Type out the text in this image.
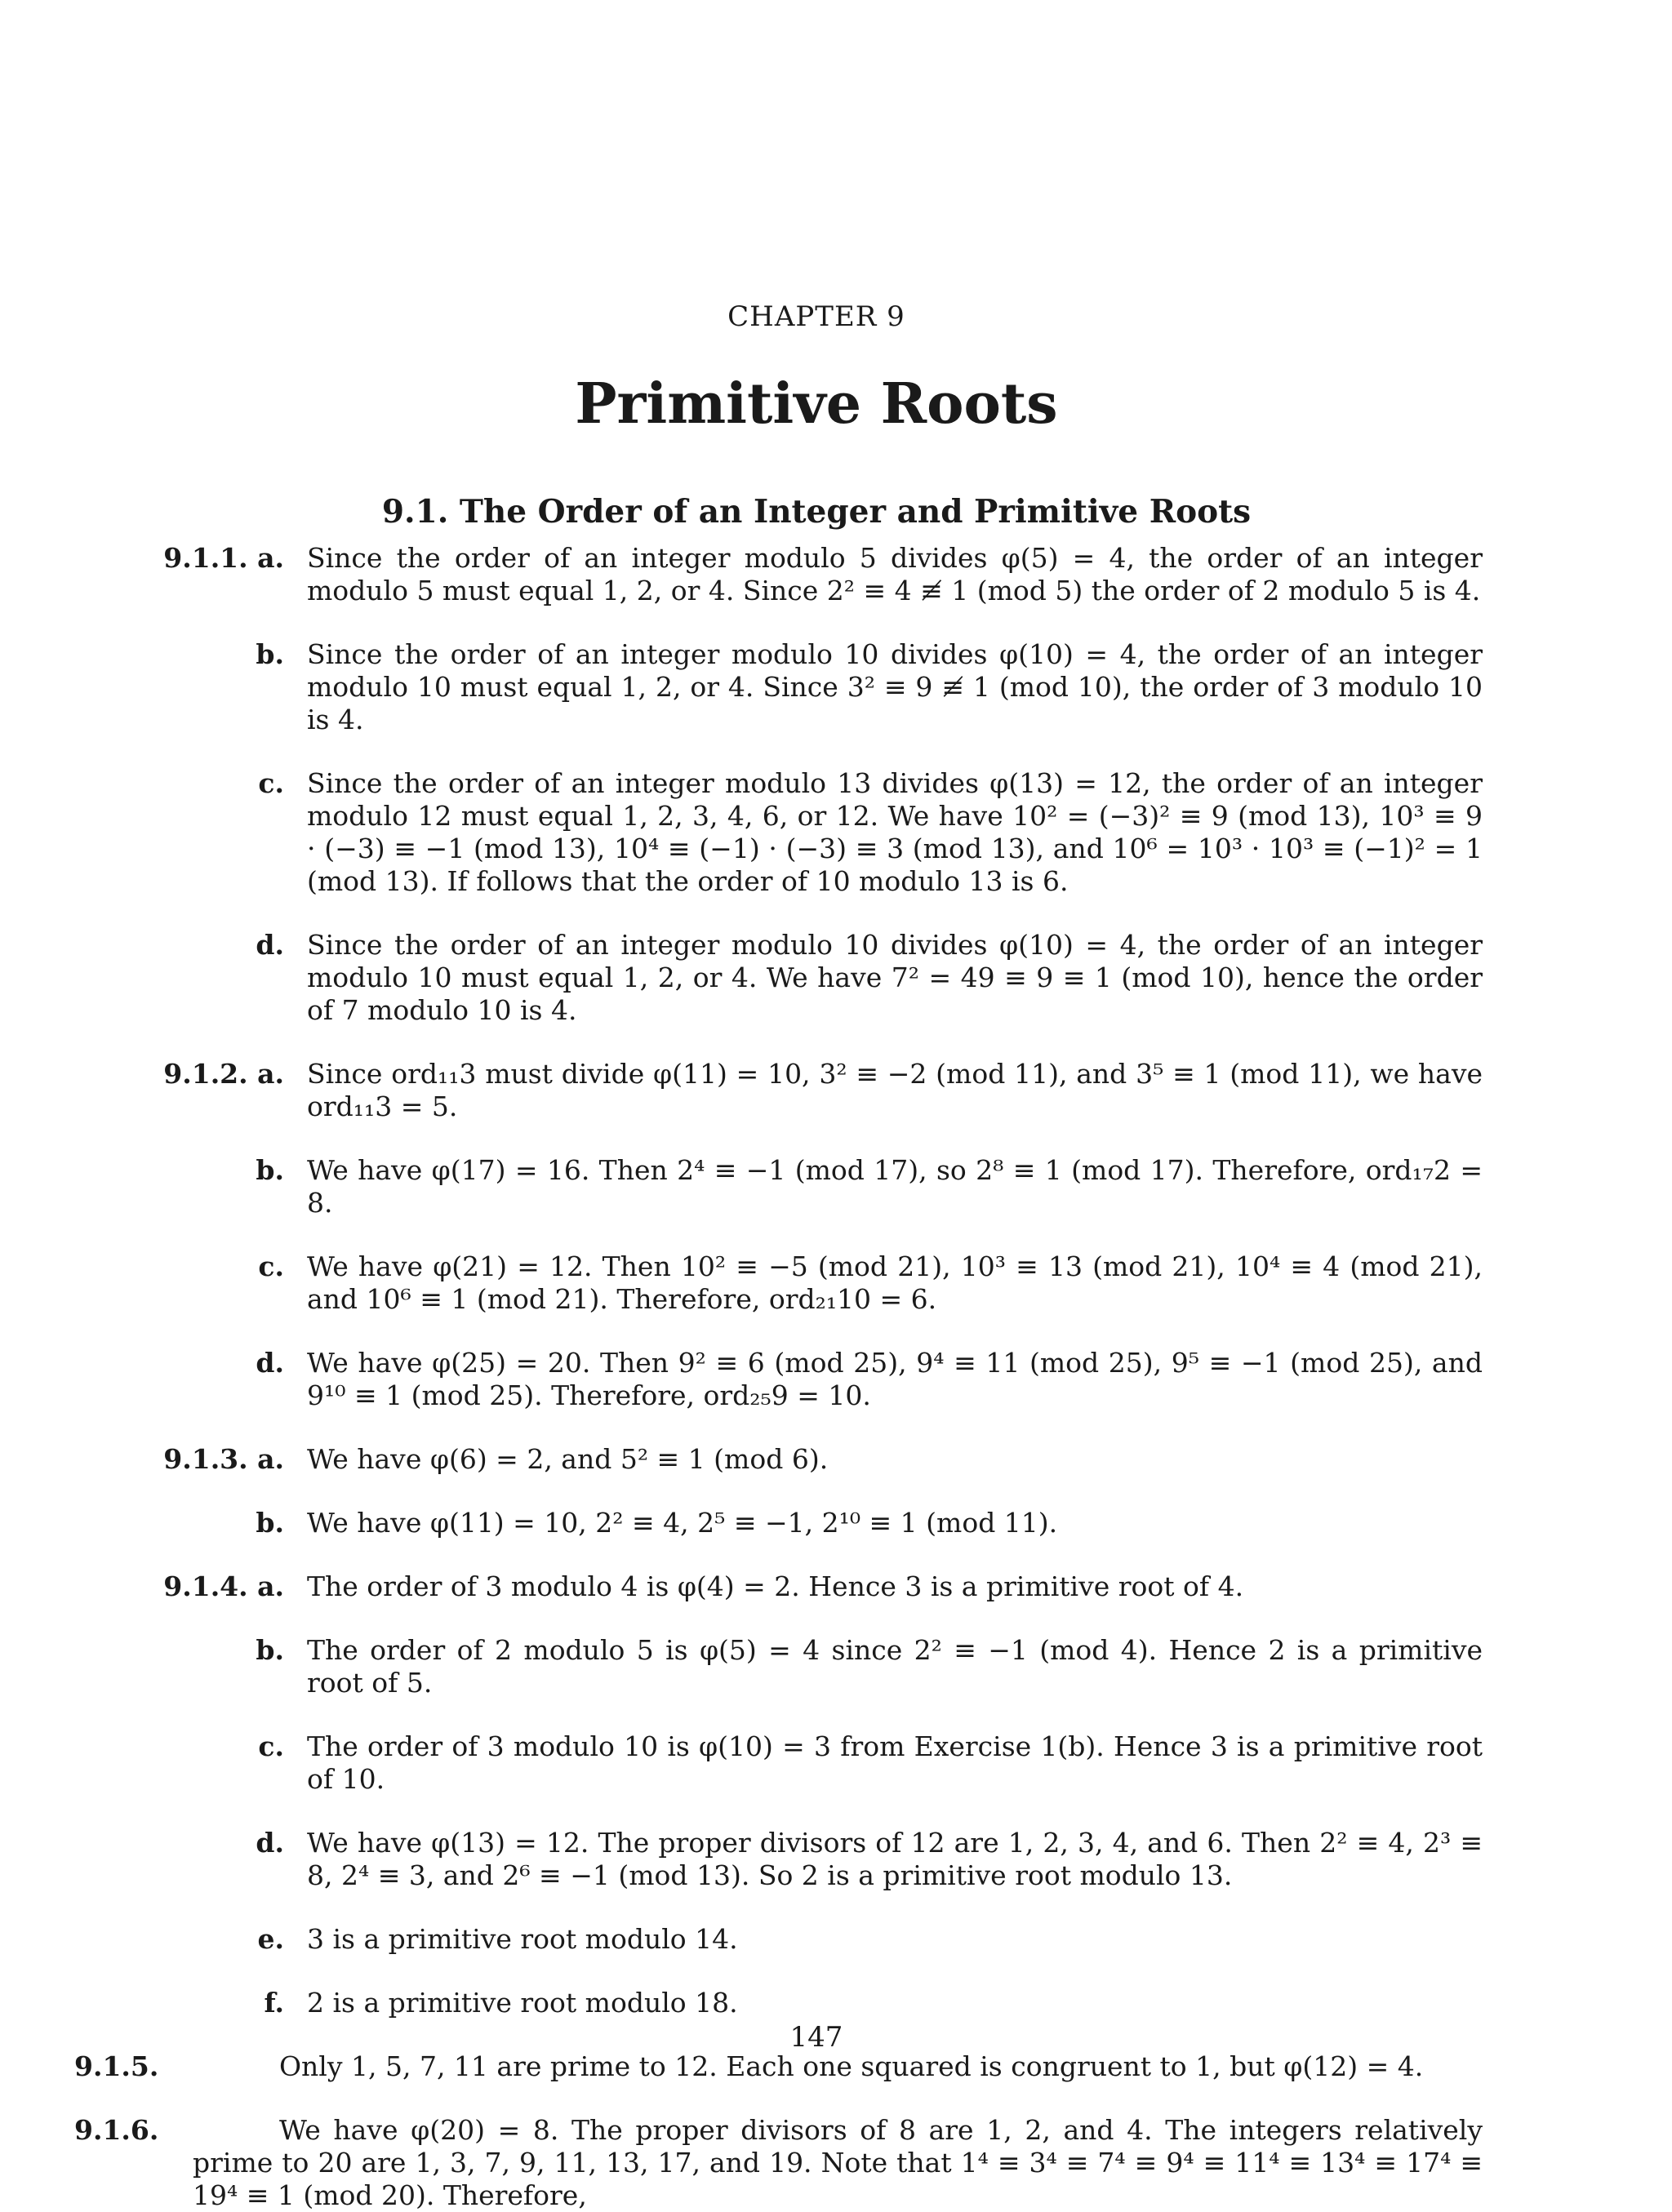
CHAPTER 9
Primitive Roots
9.1. The Order of an Integer and Primitive Roots
9.1.1. a. Since the order of an integer modulo 5 divides φ(5) = 4, the order of an integer modulo 5 must equal 1, 2, or 4. Since 2² ≡ 4 ≢ 1 (mod 5) the order of 2 modulo 5 is 4.
b. Since the order of an integer modulo 10 divides φ(10) = 4, the order of an integer modulo 10 must equal 1, 2, or 4. Since 3² ≡ 9 ≢ 1 (mod 10), the order of 3 modulo 10 is 4.
c. Since the order of an integer modulo 13 divides φ(13) = 12, the order of an integer modulo 12 must equal 1, 2, 3, 4, 6, or 12. We have 10² = (−3)² ≡ 9 (mod 13), 10³ ≡ 9 · (−3) ≡ −1 (mod 13), 10⁴ ≡ (−1) · (−3) ≡ 3 (mod 13), and 10⁶ = 10³ · 10³ ≡ (−1)² = 1 (mod 13). If follows that the order of 10 modulo 13 is 6.
d. Since the order of an integer modulo 10 divides φ(10) = 4, the order of an integer modulo 10 must equal 1, 2, or 4. We have 7² = 49 ≡ 9 ≡ 1 (mod 10), hence the order of 7 modulo 10 is 4.
9.1.2. a. Since ord₁₁3 must divide φ(11) = 10, 3² ≡ −2 (mod 11), and 3⁵ ≡ 1 (mod 11), we have ord₁₁3 = 5.
b. We have φ(17) = 16. Then 2⁴ ≡ −1 (mod 17), so 2⁸ ≡ 1 (mod 17). Therefore, ord₁₇2 = 8.
c. We have φ(21) = 12. Then 10² ≡ −5 (mod 21), 10³ ≡ 13 (mod 21), 10⁴ ≡ 4 (mod 21), and 10⁶ ≡ 1 (mod 21). Therefore, ord₂₁10 = 6.
d. We have φ(25) = 20. Then 9² ≡ 6 (mod 25), 9⁴ ≡ 11 (mod 25), 9⁵ ≡ −1 (mod 25), and 9¹⁰ ≡ 1 (mod 25). Therefore, ord₂₅9 = 10.
9.1.3. a. We have φ(6) = 2, and 5² ≡ 1 (mod 6).
b. We have φ(11) = 10, 2² ≡ 4, 2⁵ ≡ −1, 2¹⁰ ≡ 1 (mod 11).
9.1.4. a. The order of 3 modulo 4 is φ(4) = 2. Hence 3 is a primitive root of 4.
b. The order of 2 modulo 5 is φ(5) = 4 since 2² ≡ −1 (mod 4). Hence 2 is a primitive root of 5.
c. The order of 3 modulo 10 is φ(10) = 3 from Exercise 1(b). Hence 3 is a primitive root of 10.
d. We have φ(13) = 12. The proper divisors of 12 are 1, 2, 3, 4, and 6. Then 2² ≡ 4, 2³ ≡ 8, 2⁴ ≡ 3, and 2⁶ ≡ −1 (mod 13). So 2 is a primitive root modulo 13.
e. 3 is a primitive root modulo 14.
f. 2 is a primitive root modulo 18.
9.1.5.	Only 1, 5, 7, 11 are prime to 12. Each one squared is congruent to 1, but φ(12) = 4.
9.1.6.	We have φ(20) = 8. The proper divisors of 8 are 1, 2, and 4. The integers relatively prime to 20 are 1, 3, 7, 9, 11, 13, 17, and 19. Note that 1⁴ ≡ 3⁴ ≡ 7⁴ ≡ 9⁴ ≡ 11⁴ ≡ 13⁴ ≡ 17⁴ ≡ 19⁴ ≡ 1 (mod 20). Therefore,
147
